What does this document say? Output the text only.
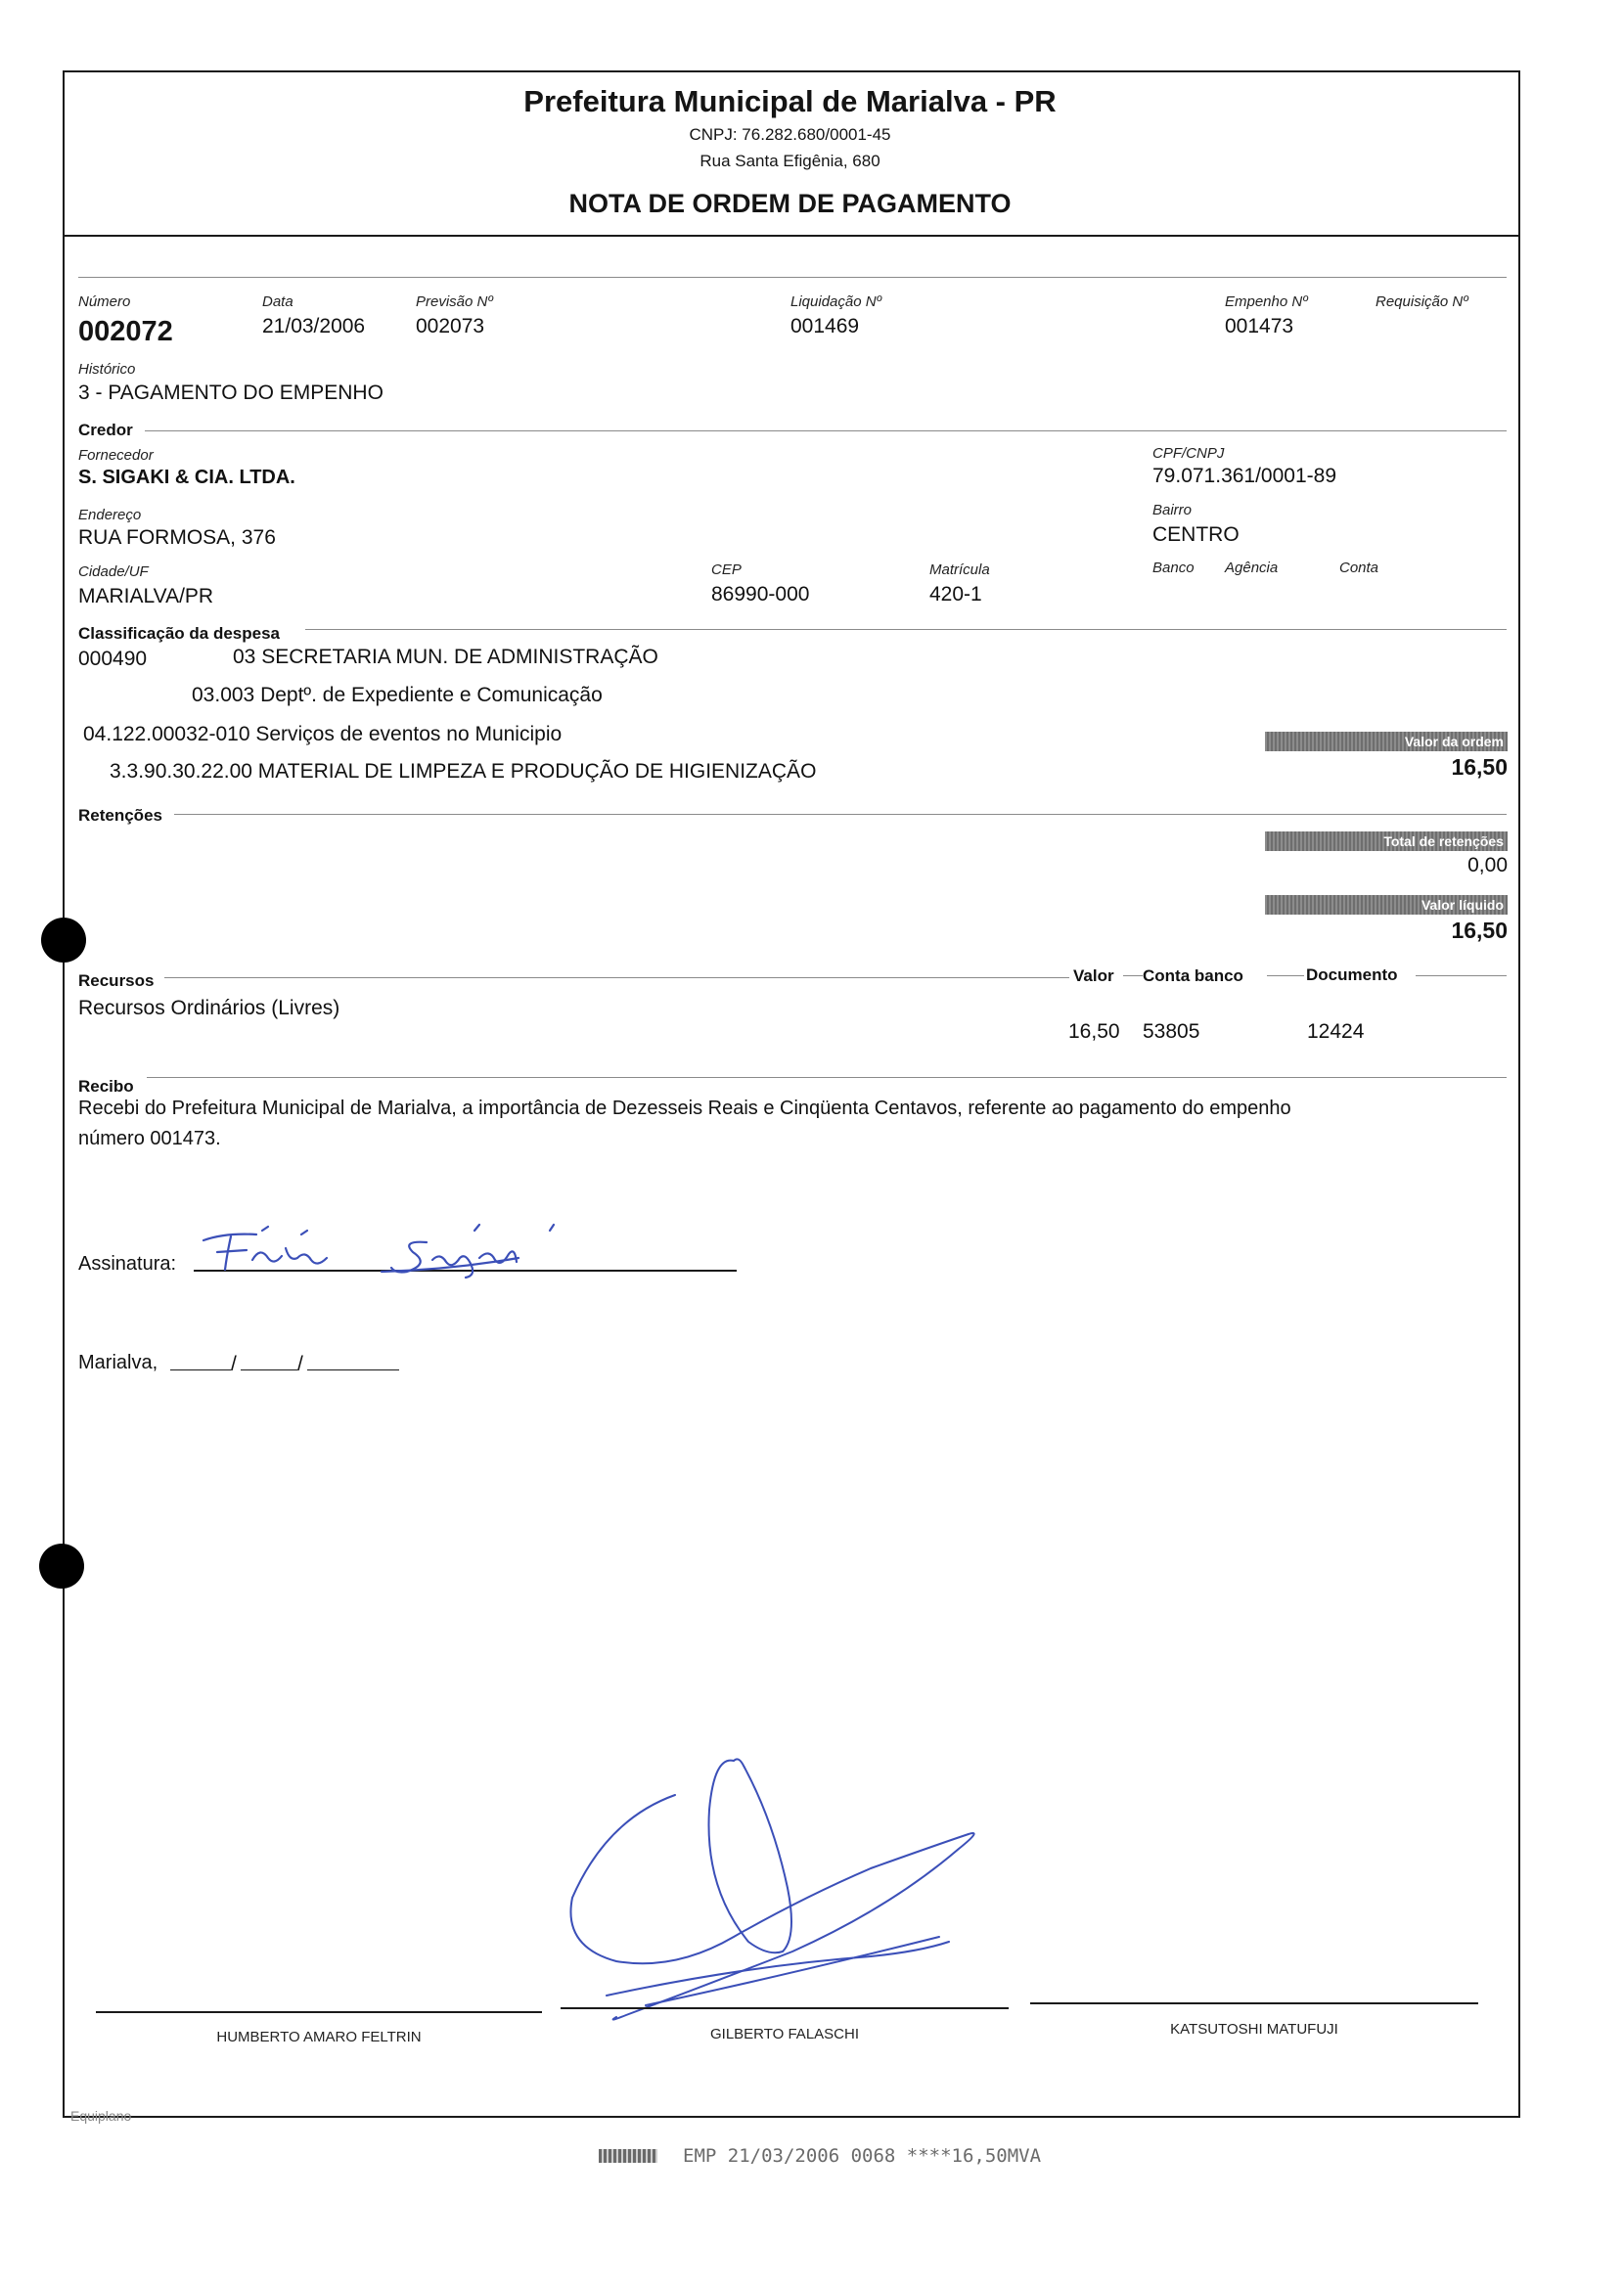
Prefeitura Municipal de Marialva - PR
CNPJ: 76.282.680/0001-45
Rua Santa Efigênia, 680
NOTA DE ORDEM DE PAGAMENTO
Número
002072
Data
21/03/2006
Previsão Nº
002073
Liquidação Nº
001469
Empenho Nº
001473
Requisição Nº
Histórico
3 - PAGAMENTO DO EMPENHO
Credor
Fornecedor
S. SIGAKI & CIA. LTDA.
CPF/CNPJ
79.071.361/0001-89
Endereço
RUA FORMOSA, 376
Bairro
CENTRO
Cidade/UF
MARIALVA/PR
CEP
86990-000
Matrícula
420-1
Banco Agência	Conta
Classificação da despesa
000490	03 SECRETARIA MUN. DE ADMINISTRAÇÃO
03.003 Deptº. de Expediente e Comunicação
04.122.00032-010 Serviços de eventos no Municipio
3.3.90.30.22.00 MATERIAL DE LIMPEZA E PRODUÇÃO DE HIGIENIZAÇÃO
Valor da ordem
16,50
Retenções
Total de retenções
0,00
Valor líquido
16,50
Recursos	Valor Conta banco	Documento
Recursos Ordinários (Livres)
16,50 53805	12424
Recibo
Recebi do Prefeitura Municipal de Marialva, a importância de Dezesseis Reais e Cinqüenta Centavos, referente ao pagamento do empenho
número 001473.
Assinatura:
Marialva,	/	/
HUMBERTO AMARO FELTRIN	GILBERTO FALASCHI	KATSUTOSHI MATUFUJI
Equiplano
EMP 21/03/2006 0068 ****16,50MVA
